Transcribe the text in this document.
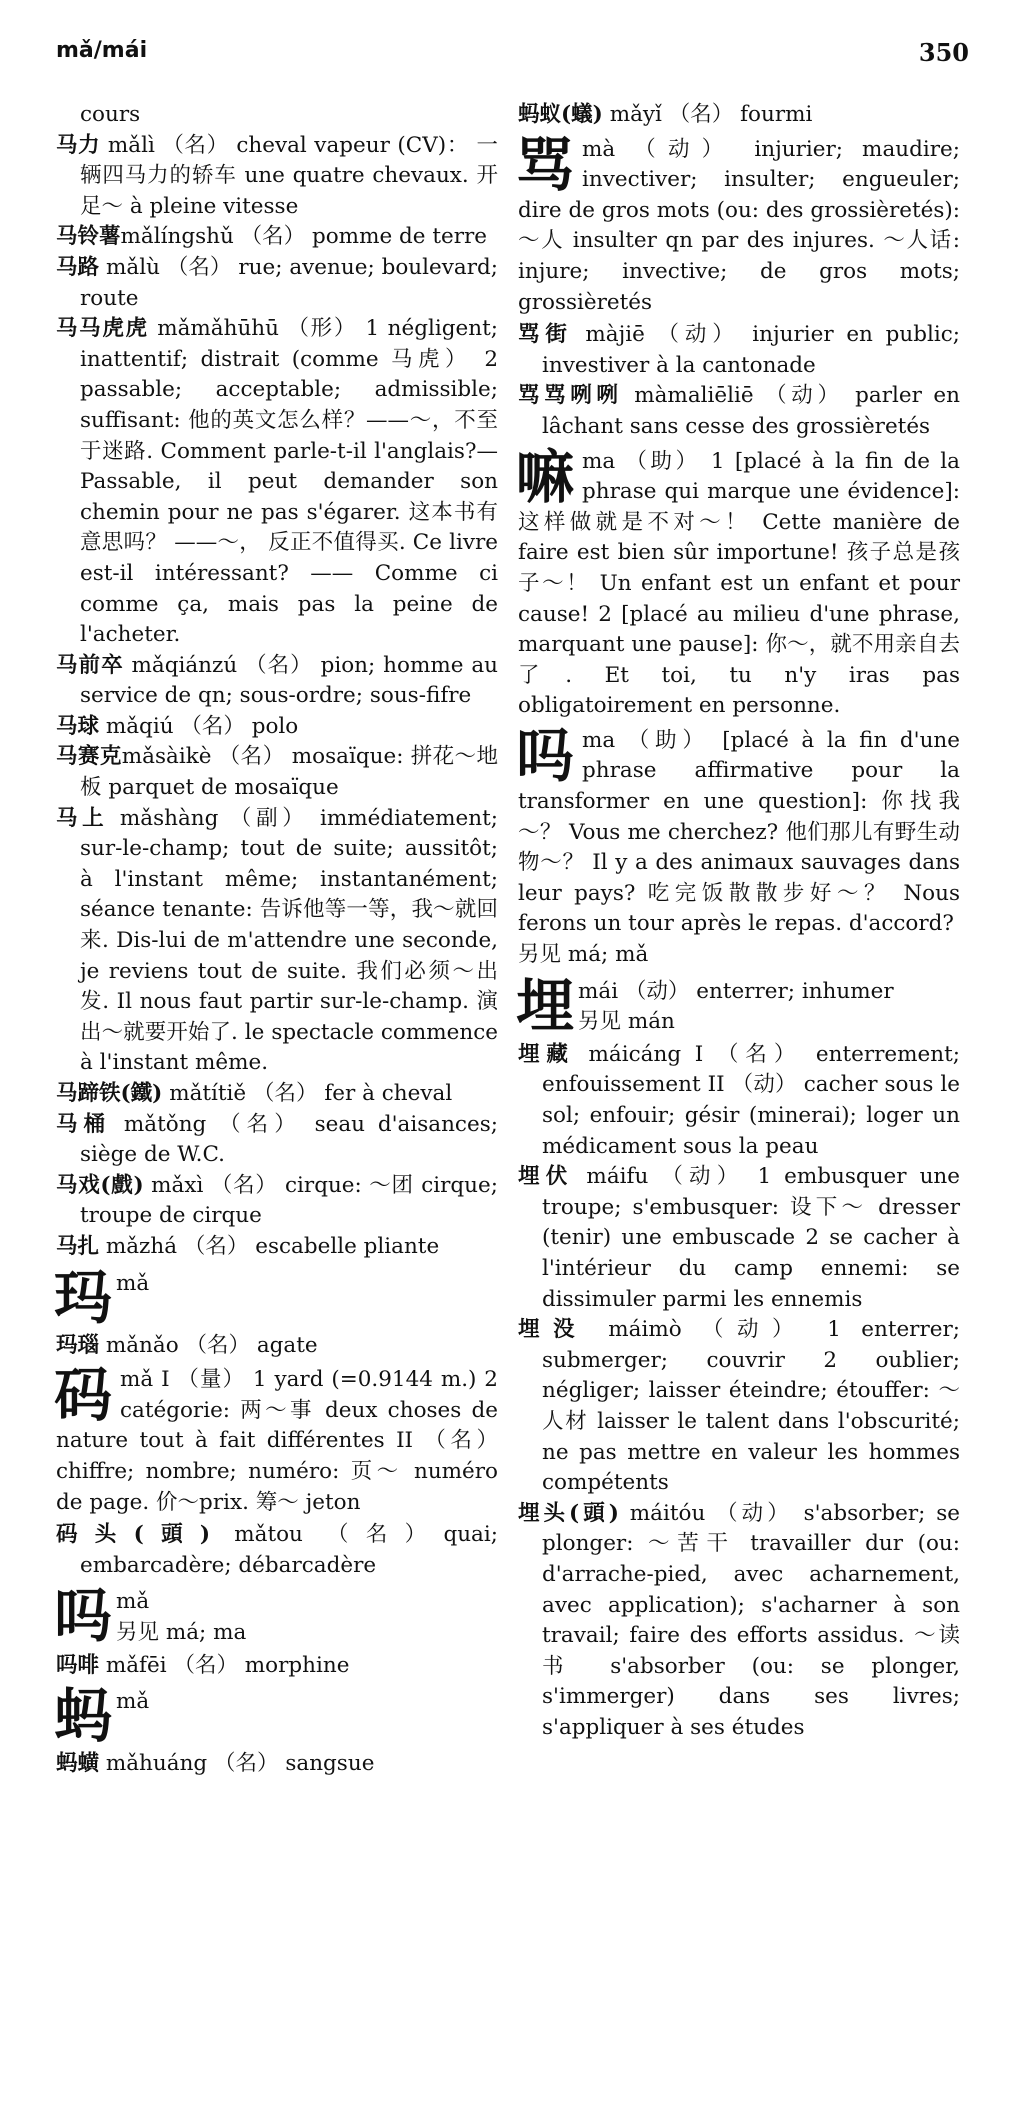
mǎ/mái	350

cours

马力 mǎlì （名） cheval vapeur (CV)： 一辆四马力的轿车 une quatre chevaux. 开足～ à pleine vitesse

马铃薯mǎlíngshǔ （名） pomme de terre

马路 mǎlù （名） rue; avenue; boulevard; route

马马虎虎 mǎmǎhūhū （形） 1 négligent; inattentif; distrait (comme 马虎） 2 passable; acceptable; admissible; suffisant: 他的英文怎么样？——～，不至于迷路. Comment parle-t-il l'anglais?—Passable, il peut demander son chemin pour ne pas s'égarer. 这本书有意思吗？ ——～， 反正不值得买. Ce livre est-il intéressant? —— Comme ci comme ça, mais pas la peine de l'acheter.

马前卒 mǎqiánzú （名） pion; homme au service de qn; sous-ordre; sous-fifre

马球 mǎqiú （名） polo

马赛克mǎsàikè （名） mosaïque: 拼花～地板 parquet de mosaïque

马上 mǎshàng （副） immédiatement; sur-le-champ; tout de suite; aussitôt; à l'instant même; instantanément; séance tenante: 告诉他等一等，我～就回来. Dis-lui de m'attendre une seconde, je reviens tout de suite. 我们必须～出发. Il nous faut partir sur-le-champ. 演出～就要开始了. le spectacle commence à l'instant même.

马蹄铁(鐵) mǎtítiě （名） fer à cheval

马桶 mǎtǒng （名） seau d'aisances; siège de W.C.

马戏(戲) mǎxì （名） cirque: ～团 cirque; troupe de cirque

马扎 mǎzhá （名） escabelle pliante

玛 mǎ

玛瑙 mǎnǎo （名） agate

码 mǎ I （量） 1 yard (=0.9144 m.) 2 catégorie: 两～事 deux choses de nature tout à fait différentes II （名） chiffre; nombre; numéro: 页～ numéro de page. 价～prix. 筹～ jeton

码头(頭) mǎtou （名）quai; embarcadère; débarcadère

吗 mǎ
另见 má; ma

吗啡 mǎfēi （名） morphine

蚂 mǎ

蚂蟥 mǎhuáng （名） sangsue

蚂蚁(蟻) mǎyǐ （名） fourmi

骂 mà （动） injurier; maudire; invectiver; insulter; engueuler; dire de gros mots (ou: des grossièretés): ～人 insulter qn par des injures. ～人话: injure; invective; de gros mots; grossièretés

骂街 màjiē （动） injurier en public; investiver à la cantonade

骂骂咧咧 màmaliēliē （动） parler en lâchant sans cesse des grossièretés

嘛 ma （助） 1 [placé à la fin de la phrase qui marque une évidence]: 这样做就是不对～！ Cette manière de faire est bien sûr importune! 孩子总是孩子～！ Un enfant est un enfant et pour cause! 2 [placé au milieu d'une phrase, marquant une pause]: 你～，就不用亲自去了. Et toi, tu n'y iras pas obligatoirement en personne.

吗 ma （助） [placé à la fin d'une phrase affirmative pour la transformer en une question]: 你找我～？ Vous me cherchez? 他们那儿有野生动物～？ Il y a des animaux sauvages dans leur pays? 吃完饭散散步好～？ Nous ferons un tour après le repas. d'accord?

另见 má; mǎ

埋 mái （动） enterrer; inhumer
另见 mán

埋藏 máicáng I （名） enterrement; enfouissement II （动） cacher sous le sol; enfouir; gésir (minerai); loger un médicament sous la peau

埋伏 máifu （动） 1 embusquer une troupe; s'embusquer: 设下～ dresser (tenir) une embuscade 2 se cacher à l'intérieur du camp ennemi: se dissimuler parmi les ennemis

埋没 máimò （动） 1 enterrer; submerger; couvrir 2 oublier; négliger; laisser éteindre; étouffer: ～人材 laisser le talent dans l'obscurité; ne pas mettre en valeur les hommes compétents

埋头(頭) máitóu （动） s'absorber; se plonger: ～苦干 travailler dur (ou: d'arrache-pied, avec acharnement, avec application); s'acharner à son travail; faire des efforts assidus. ～读书 s'absorber (ou: se plonger, s'immerger) dans ses livres; s'appliquer à ses études
